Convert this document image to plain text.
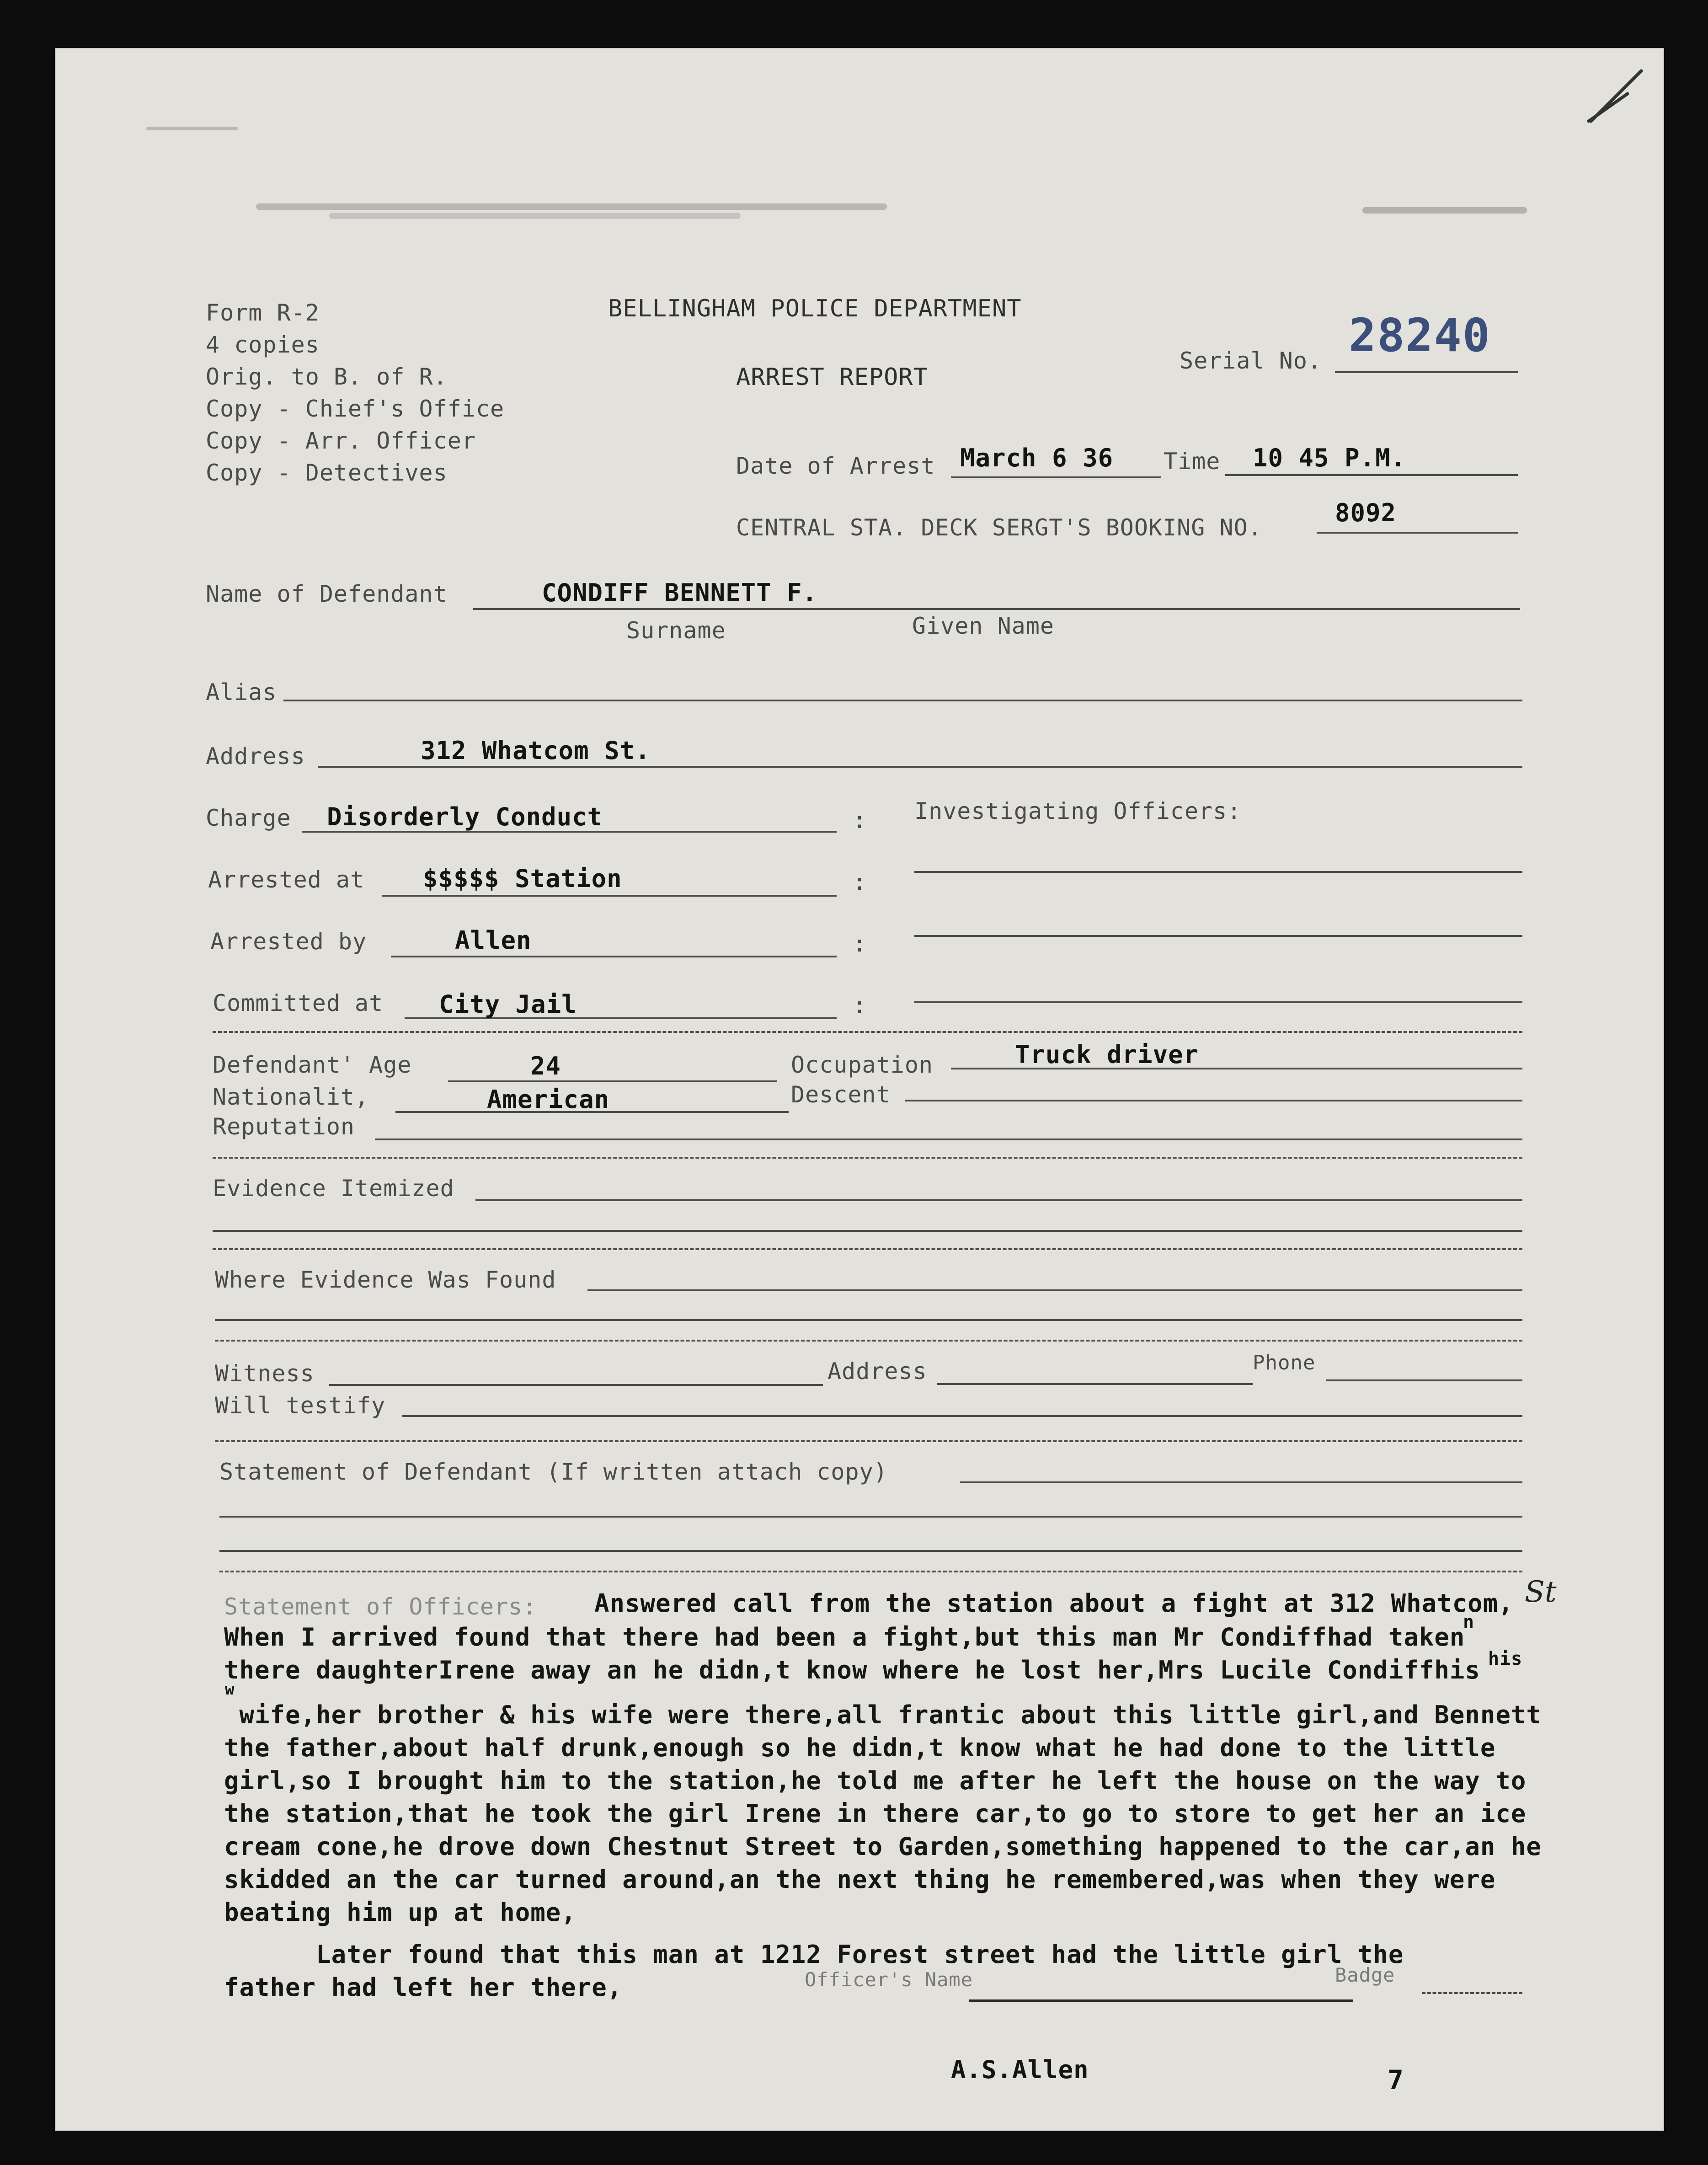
Form R-2
4 copies
Orig. to B. of R.
Copy - Chief's Office
Copy - Arr. Officer
Copy - Detectives
BELLINGHAM POLICE DEPARTMENT
ARREST REPORT
Serial No. 28240
Date of Arrest March 6 36 Time 10 45 P.M.
CENTRAL STA. DECK SERGT'S BOOKING NO.
8092
Name of Defendant	CONDIFF BENNETT F.
Surname	Given Name
Alias
Address	312 Whatcom St.
Charge Disorderly Conduct	: Investigating Officers:
Arrested at $$$$$ Station	:
Arrested by	Allen	:
Committed at City Jail	:
Defendant' Age	24	Occupation	Truck driver
Nationalit,	American	Descent
Reputation
Evidence Itemized
Where Evidence Was Found
Witness	Address	Phone
Will testify
Statement of Defendant (If written attach copy)
Statement of Officers: Answered call from the station about a fight at 312 Whatcom, St
n
his
w

When I arrived found that there had been a fight,but this man Mr Condiffhad taken

there daughterIrene away an he didn,t know where he lost her,Mrs Lucile Condiffhis

wife,her brother & his wife were there,all frantic about this little girl,and Bennett

the father,about half drunk,enough so he didn,t know what he had done to the little

girl,so I brought him to the station,he told me after he left the house on the way to

the station,that he took the girl Irene in there car,to go to store to get her an ice

cream cone,he drove down Chestnut Street to Garden,something happened to the car,an he

skidded an the car turned around,an the next thing he remembered,was when they were

beating him up at home,

Later found that this man at 1212 Forest street had the little girl the

father had left her there,	Officer's Name	Badge
A.S.Allen	7
